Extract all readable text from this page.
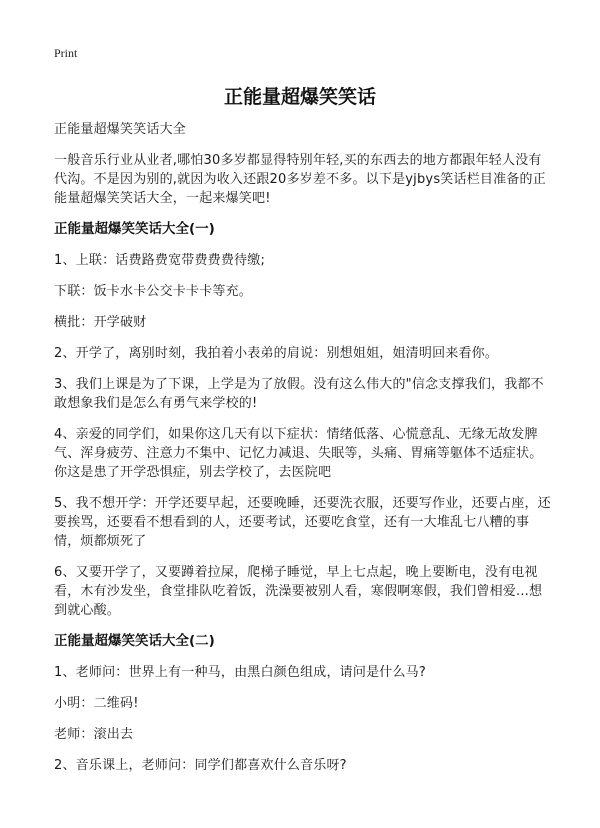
Print
正能量超爆笑笑话

正能量超爆笑笑话大全

一般音乐行业从业者,哪怕30多岁都显得特别年轻,买的东西去的地方都跟年轻人没有代沟。不是因为别的,就因为收入还跟20多岁差不多。以下是yjbys笑话栏目准备的正能量超爆笑笑话大全，一起来爆笑吧!

正能量超爆笑笑话大全(一)

1、上联：话费路费宽带费费费待缴;

下联：饭卡水卡公交卡卡卡等充。

横批：开学破财

2、开学了，离别时刻，我拍着小表弟的肩说：别想姐姐，姐清明回来看你。

3、我们上课是为了下课，上学是为了放假。没有这么伟大的"信念支撑我们，我都不敢想象我们是怎么有勇气来学校的!

4、亲爱的同学们，如果你这几天有以下症状：情绪低落、心慌意乱、无缘无故发脾气、浑身疲劳、注意力不集中、记忆力减退、失眠等，头痛、胃痛等躯体不适症状。你这是患了开学恐惧症，别去学校了，去医院吧

5、我不想开学：开学还要早起，还要晚睡，还要洗衣服，还要写作业，还要占座，还要挨骂，还要看不想看到的人，还要考试，还要吃食堂，还有一大堆乱七八糟的事情，烦都烦死了

6、又要开学了，又要蹲着拉屎，爬梯子睡觉，早上七点起，晚上要断电，没有电视看，木有沙发坐，食堂排队吃着饭，洗澡要被别人看，寒假啊寒假，我们曾相爱...想到就心酸。

正能量超爆笑笑话大全(二)

1、老师问：世界上有一种马，由黑白颜色组成，请问是什么马?

小明：二维码!

老师：滚出去

2、音乐课上，老师问：同学们都喜欢什么音乐呀?
